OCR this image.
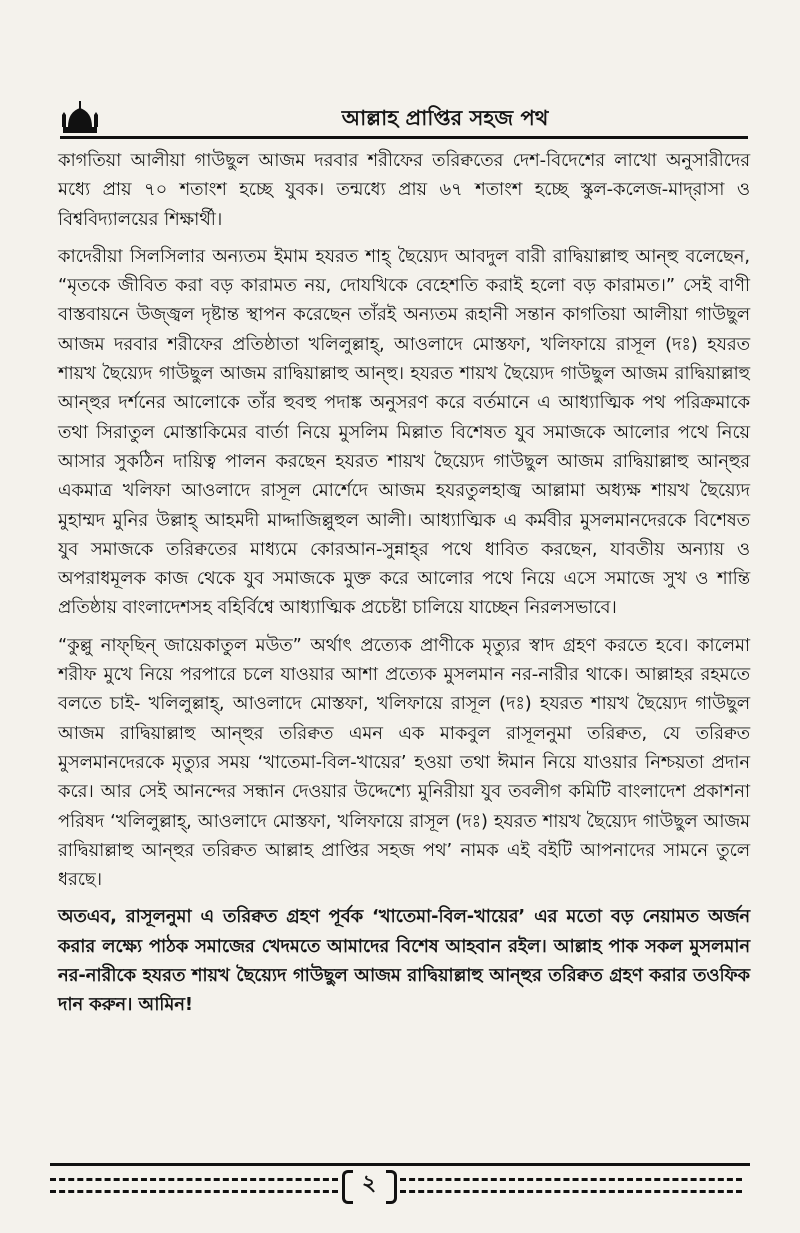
আল্লাহ প্রাপ্তির সহজ পথ

কাগতিয়া আলীয়া গাউছুল আজম দরবার শরীফের তরিক্বতের দেশ-বিদেশের লাখো অনুসারীদের মধ্যে প্রায় ৭০ শতাংশ হচ্ছে যুবক। তন্মধ্যে প্রায় ৬৭ শতাংশ হচ্ছে স্কুল-কলেজ-মাদ্‌রাসা ও বিশ্ববিদ্যালয়ের শিক্ষার্থী।

কাদেরীয়া সিলসিলার অন্যতম ইমাম হযরত শাহ্‌ ছৈয়্যেদ আবদুল বারী রাদ্বিয়াল্লাহু আন্‌হু বলেছেন, “মৃতকে জীবিত করা বড় কারামত নয়, দোযখিকে বেহেশতি করাই হলো বড় কারামত।” সেই বাণী বাস্তবায়নে উজ্জ্বল দৃষ্টান্ত স্থাপন করেছেন তাঁরই অন্যতম রূহানী সন্তান কাগতিয়া আলীয়া গাউছুল আজম দরবার শরীফের প্রতিষ্ঠাতা খলিলুল্লাহ্‌, আওলাদে মোস্তফা, খলিফায়ে রাসূল (দঃ) হযরত শায়খ ছৈয়্যেদ গাউছুল আজম রাদ্বিয়াল্লাহু আন্‌হু। হযরত শায়খ ছৈয়্যেদ গাউছুল আজম রাদ্বিয়াল্লাহু আন্‌হুর দর্শনের আলোকে তাঁর হুবহু পদাঙ্ক অনুসরণ করে বর্তমানে এ আধ্যাত্মিক পথ পরিক্রমাকে তথা সিরাতুল মোস্তাকিমের বার্তা নিয়ে মুসলিম মিল্লাত বিশেষত যুব সমাজকে আলোর পথে নিয়ে আসার সুকঠিন দায়িত্ব পালন করছেন হযরত শায়খ ছৈয়্যেদ গাউছুল আজম রাদ্বিয়াল্লাহু আন্‌হুর একমাত্র খলিফা আওলাদে রাসূল মোর্শেদে আজম হযরতুলহাজ্ব আল্লামা অধ্যক্ষ শায়খ ছৈয়্যেদ মুহাম্মদ মুনির উল্লাহ্‌ আহমদী মাদ্দাজিল্লুহুল আলী। আধ্যাত্মিক এ কর্মবীর মুসলমানদেরকে বিশেষত যুব সমাজকে তরিক্বতের মাধ্যমে কোরআন-সুন্নাহ্‌র পথে ধাবিত করছেন, যাবতীয় অন্যায় ও অপরাধমূলক কাজ থেকে যুব সমাজকে মুক্ত করে আলোর পথে নিয়ে এসে সমাজে সুখ ও শান্তি প্রতিষ্ঠায় বাংলাদেশসহ বহির্বিশ্বে আধ্যাত্মিক প্রচেষ্টা চালিয়ে যাচ্ছেন নিরলসভাবে।

“কুল্লু নাফ্‌ছিন্‌ জায়েকাতুল মউত” অর্থাৎ প্রত্যেক প্রাণীকে মৃত্যুর স্বাদ গ্রহণ করতে হবে। কালেমা শরীফ মুখে নিয়ে পরপারে চলে যাওয়ার আশা প্রত্যেক মুসলমান নর-নারীর থাকে। আল্লাহর রহমতে বলতে চাই- খলিলুল্লাহ্‌, আওলাদে মোস্তফা, খলিফায়ে রাসূল (দঃ) হযরত শায়খ ছৈয়্যেদ গাউছুল আজম রাদ্বিয়াল্লাহু আন্‌হুর তরিক্বত এমন এক মাকবুল রাসূলনুমা তরিক্বত, যে তরিক্বত মুসলমানদেরকে মৃত্যুর সময় ‘খাতেমা-বিল-খায়ের’ হওয়া তথা ঈমান নিয়ে যাওয়ার নিশ্চয়তা প্রদান করে। আর সেই আনন্দের সন্ধান দেওয়ার উদ্দেশ্যে মুনিরীয়া যুব তবলীগ কমিটি বাংলাদেশ প্রকাশনা পরিষদ ‘খলিলুল্লাহ্‌, আওলাদে মোস্তফা, খলিফায়ে রাসূল (দঃ) হযরত শায়খ ছৈয়্যেদ গাউছুল আজম রাদ্বিয়াল্লাহু আন্‌হুর তরিক্বত আল্লাহ প্রাপ্তির সহজ পথ’ নামক এই বইটি আপনাদের সামনে তুলে ধরছে।

অতএব, রাসূলনুমা এ তরিক্বত গ্রহণ পূর্বক ‘খাতেমা-বিল-খায়ের’ এর মতো বড় নেয়ামত অর্জন করার লক্ষ্যে পাঠক সমাজের খেদমতে আমাদের বিশেষ আহবান রইল। আল্লাহ পাক সকল মুসলমান নর-নারীকে হযরত শায়খ ছৈয়্যেদ গাউছুল আজম রাদ্বিয়াল্লাহু আন্‌হুর তরিক্বত গ্রহণ করার তওফিক দান করুন। আমিন!

২
